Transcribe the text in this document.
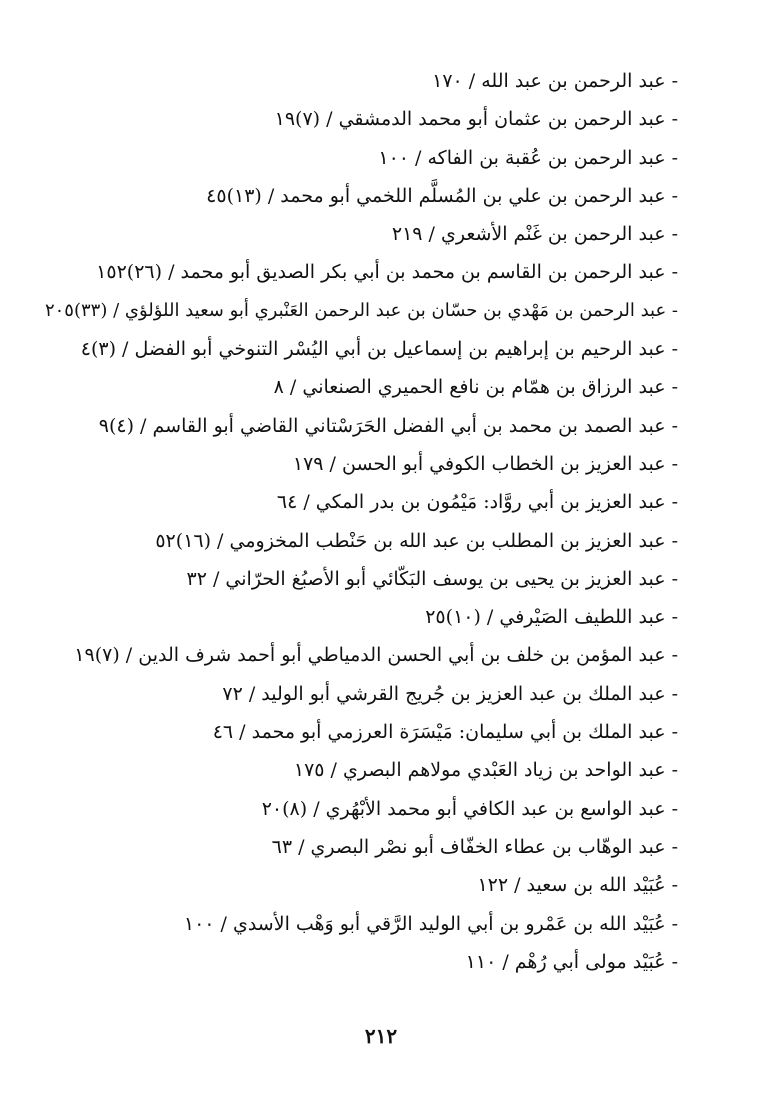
- عبد الرحمن بن عبد الله / ١٧٠
- عبد الرحمن بن عثمان أبو محمد الدمشقي / (٧)١٩
- عبد الرحمن بن عُقبة بن الفاكه / ١٠٠
- عبد الرحمن بن علي بن المُسلَّم اللخمي أبو محمد / (١٣)٤٥
- عبد الرحمن بن غَنْم الأشعري / ٢١٩
- عبد الرحمن بن القاسم بن محمد بن أبي بكر الصديق أبو محمد / (٢٦)١٥٢
- عبد الرحمن بن مَهْدي بن حسّان بن عبد الرحمن العَنْبري أبو سعيد اللؤلؤي / (٣٣)٢٠٥
- عبد الرحيم بن إبراهيم بن إسماعيل بن أبي اليُسْر التنوخي أبو الفضل / (٣)٤
- عبد الرزاق بن همّام بن نافع الحميري الصنعاني / ٨
- عبد الصمد بن محمد بن أبي الفضل الحَرَسْتاني القاضي أبو القاسم / (٤)٩
- عبد العزيز بن الخطاب الكوفي أبو الحسن / ١٧٩
- عبد العزيز بن أبي روَّاد: مَيْمُون بن بدر المكي / ٦٤
- عبد العزيز بن المطلب بن عبد الله بن حَنْطب المخزومي / (١٦)٥٢
- عبد العزيز بن يحيى بن يوسف البَكّائي أبو الأصبُغ الحرّاني / ٣٢
- عبد اللطيف الصَيْرفي / (١٠)٢٥
- عبد المؤمن بن خلف بن أبي الحسن الدمياطي أبو أحمد شرف الدين / (٧)١٩
- عبد الملك بن عبد العزيز بن جُريج القرشي أبو الوليد / ٧٢
- عبد الملك بن أبي سليمان: مَيْسَرَة العرزمي أبو محمد / ٤٦
- عبد الواحد بن زياد العَبْدي مولاهم البصري / ١٧٥
- عبد الواسع بن عبد الكافي أبو محمد الأبْهُري / (٨)٢٠
- عبد الوهّاب بن عطاء الخفّاف أبو نصْر البصري / ٦٣
- عُبَيْد الله بن سعيد / ١٢٢
- عُبَيْد الله بن عَمْرو بن أبي الوليد الرَّقي أبو وَهْب الأسدي / ١٠٠
- عُبَيْد مولى أبي رُهْم / ١١٠
٢١٢
